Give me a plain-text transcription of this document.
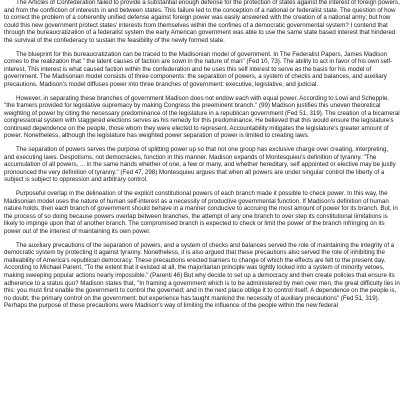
The Articles of Confederation failed to provide a substantial enough defense for the protection of states against the interest of foreign powers, and from the confliction of interests in and between states. This failure led to the conception of a national or federalist state. The question of how to correct the problem of a coherently unified defense against foreign power was easily answered with the creation of a national army; but how could this new government protect states' interests from themselves within the confines of a democratic governmental system? I contend that through the bureaucratization of a federalist system the early American government was able to use the same state based interest that hindered the survival of the confederacy to sustain the feasibility of the newly formed state.

The blueprint for this bureaucratization can be traced to the Madisonian model of government. In The Federalist Papers, James Madison comes to the realization that " the latent causes of faction are sown in the nature of man" (Fed 10, 73). The ability to act in favor of his own self-interest. This interest is what caused faction within the confederation and he uses this self interest to serve as the basis for his model of government. The Madisonian model consists of three components: the separation of powers, a system of checks and balances, and auxiliary precautions. Madison's model diffuses power into three branches of government: executive, legislative, and judicial.

However, in separating these branches of government Madison does not endow each with equal power. According to Lowi and Schepple, "the framers provided for legislative supremacy by making Congress the preeminent branch." (99) Madison justifies this uneven theoretical weighting of power by citing the necessary predominance of the legislature in a republican government (Fed 51, 319). The creation of a bicameral congressional system with staggered elections serves as his remedy for this predominance. He believed that this would ensure the legislature's continued dependence on the people, those whom they were elected to represent. Accountability mitigates the legislature's greater amount of power. Nonetheless, although the legislature has weighted power separation of power is limited to creating laws.

The separation of powers serves the purpose of splitting power up so that not one group has exclusive charge over creating, interpreting, and executing laws. Despotisms, not democracies, function in this manner. Madison expands of Montesquieu's definition of tyranny. "The accumulation of all powers, ... in the same hands whether of one, a few or many, and whether hereditary, self appointed or elective may be justly pronounced the very definition of tyranny." (Fed 47, 298) Montesquieu argues that when all powers are under singular control the liberty of a subject is subject to oppression and arbitrary control.

Purposeful overlap in the delineation of the explicit constitutional powers of each branch made it possible to check power. In this way, the Madisonian model uses the nature of human self-interest as a necessity of productive governmental function. If Madison's definition of human nature holds, then each branch of government should behave in a manner conducive to accruing the most amount of power for its branch. But, in the process of so doing because powers overlap between branches, the attempt of any one branch to over step its constitutional limitations is likely to impinge upon that of another branch. The compromised branch is expected to check or limit the power of the branch infringing on its power out of the interest of maintaining its own power.

The auxiliary precautions of the separation of powers, and a system of checks and balances served the role of maintaining the integrity of a democratic system by protecting it against tyranny. Nonetheless, it is also argued that these precautions also served the role of inhibiting the malleability of America's republican democracy. These precautions erected barriers to change of which the effects are felt to the present day. According to Michael Parent, "To the extent that it existed at all, the majoritarian principle was tightly locked into a system of minority vetoes, making sweeping popular actions nearly impossible." (Parenti 46) But why decide to set up a democracy and then create policies that ensure its adherence to a status quo? Madison states that, "In framing a government which is to be administered by men over men, the great difficulty lies in this: you must first enable the government to control the governed; and in the next place oblige it to control itself. A dependence on the people is, no doubt, the primary control on the government; but experience has taught mankind the necessity of auxiliary precautions" (Fed 51, 319). Perhaps the purpose of these precautions were Madison's way of limiting the influence of the people within the new federal
